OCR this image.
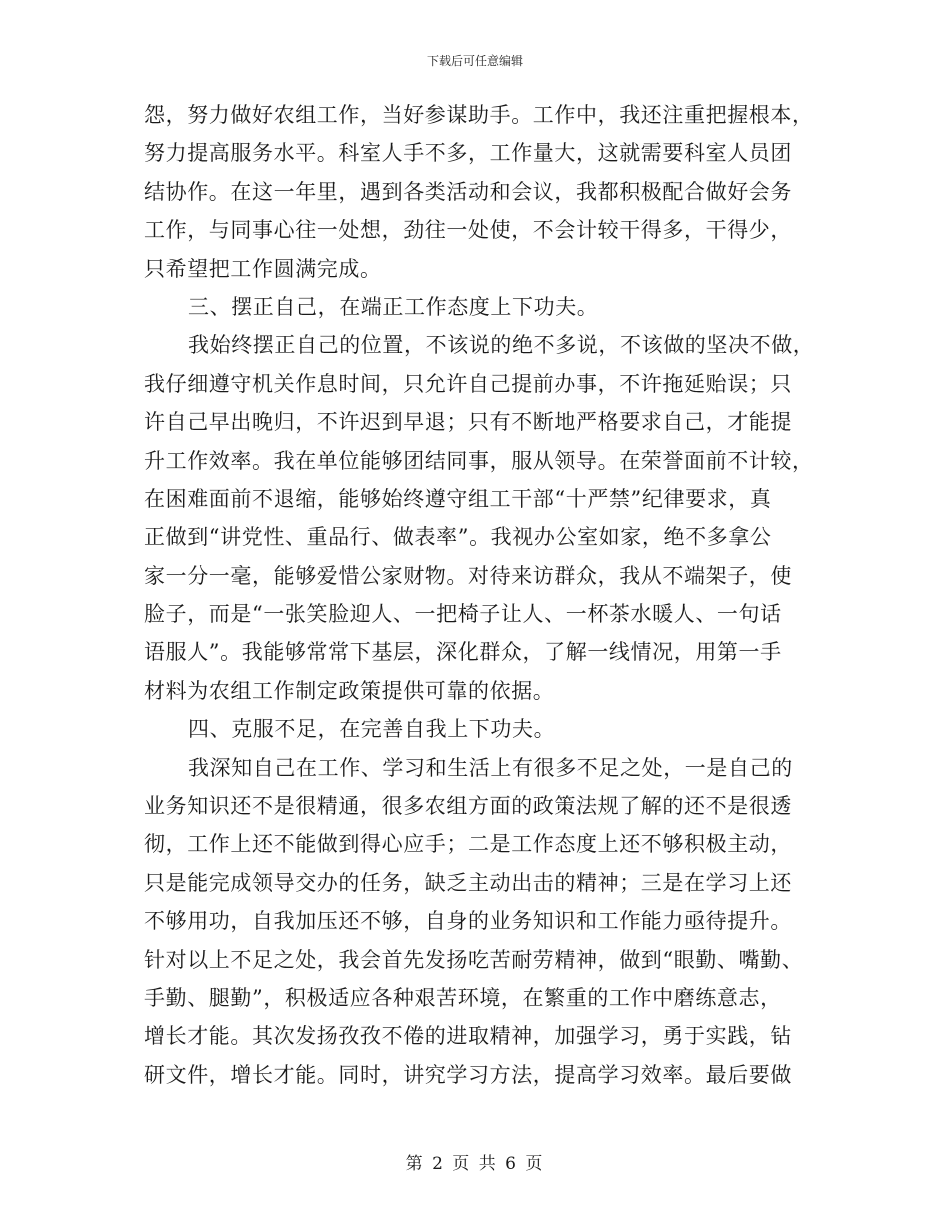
下载后可任意编辑
怨，努力做好农组工作，当好参谋助手。工作中，我还注重把握根本，
努力提高服务水平。科室人手不多，工作量大，这就需要科室人员团
结协作。在这一年里，遇到各类活动和会议，我都积极配合做好会务
工作，与同事心往一处想，劲往一处使，不会计较干得多，干得少，
只希望把工作圆满完成。
三、摆正自己，在端正工作态度上下功夫。
我始终摆正自己的位置，不该说的绝不多说，不该做的坚决不做，
我仔细遵守机关作息时间，只允许自己提前办事，不许拖延贻误；只
许自己早出晚归，不许迟到早退；只有不断地严格要求自己，才能提
升工作效率。我在单位能够团结同事，服从领导。在荣誉面前不计较，
在困难面前不退缩，能够始终遵守组工干部“十严禁”纪律要求，真
正做到“讲党性、重品行、做表率”。我视办公室如家，绝不多拿公
家一分一毫，能够爱惜公家财物。对待来访群众，我从不端架子，使
脸子，而是“一张笑脸迎人、一把椅子让人、一杯茶水暖人、一句话
语服人”。我能够常常下基层，深化群众，了解一线情况，用第一手
材料为农组工作制定政策提供可靠的依据。
四、克服不足，在完善自我上下功夫。
我深知自己在工作、学习和生活上有很多不足之处，一是自己的
业务知识还不是很精通，很多农组方面的政策法规了解的还不是很透
彻，工作上还不能做到得心应手；二是工作态度上还不够积极主动，
只是能完成领导交办的任务，缺乏主动出击的精神；三是在学习上还
不够用功，自我加压还不够，自身的业务知识和工作能力亟待提升。
针对以上不足之处，我会首先发扬吃苦耐劳精神，做到“眼勤、嘴勤、
手勤、腿勤”，积极适应各种艰苦环境，在繁重的工作中磨练意志，
增长才能。其次发扬孜孜不倦的进取精神，加强学习，勇于实践，钻
研文件，增长才能。同时，讲究学习方法，提高学习效率。最后要做
第 2 页 共 6 页
